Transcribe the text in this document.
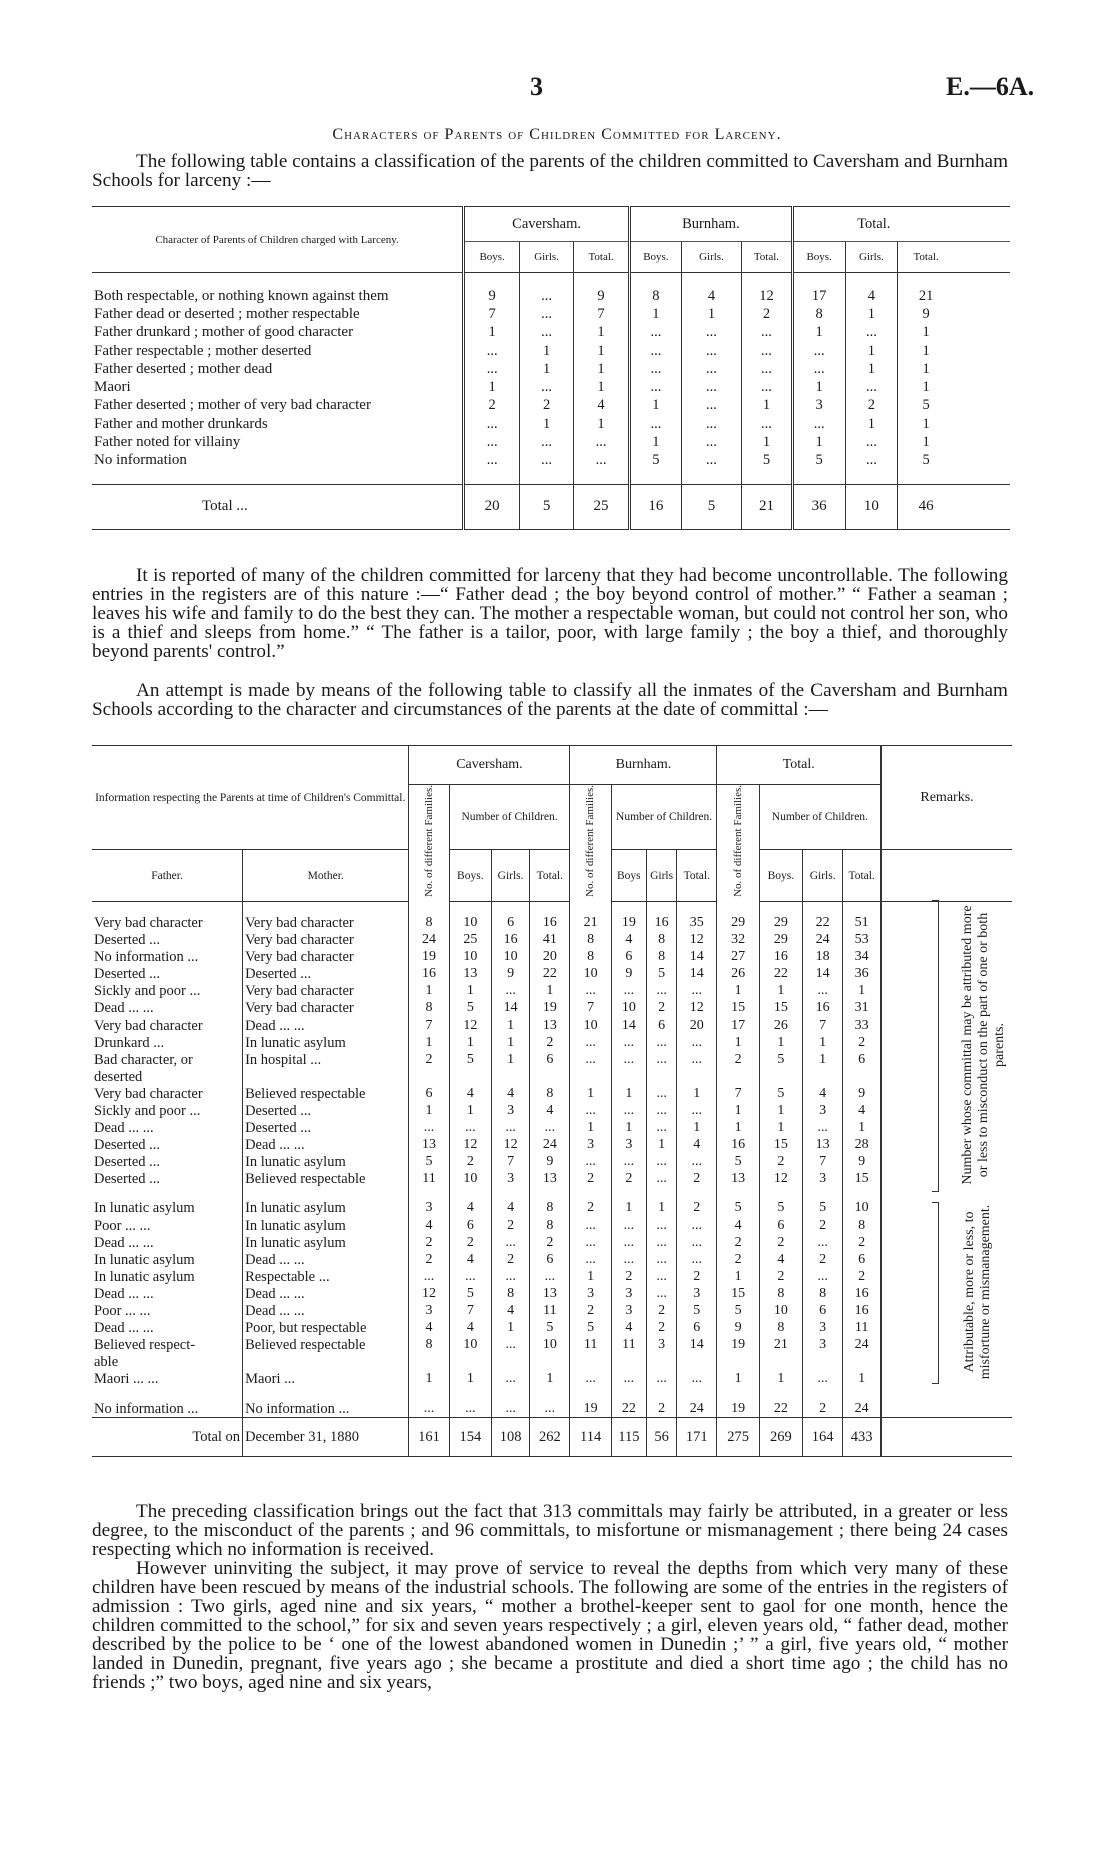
3	E.—6A.
Characters of Parents of Children Committed for Larceny.

The following table contains a classification of the parents of the children committed to Caversham and Burnham Schools for larceny :—

Character of Parents of Children charged with Larceny.	Caversham.			Burnham.			Total.			
	Boys.	Girls.	Total.	Boys.	Girls.	Total.	Boys.	Girls.	Total.	

Both respectable, or nothing known against them	9	...	9	8	4	12	17	4	21	
Father dead or deserted ; mother respectable	7	...	7	1	1	2	8	1	9	
Father drunkard ; mother of good character	1	...	1	...	...	...	1	...	1	
Father respectable ; mother deserted	...	1	1	...	...	...	...	1	1	
Father deserted ; mother dead	...	1	1	...	...	...	...	1	1	
Maori	1	...	1	...	...	...	1	...	1	
Father deserted ; mother of very bad character	2	2	4	1	...	1	3	2	5	
Father and mother drunkards	...	1	1	...	...	...	...	1	1	
Father noted for villainy	...	...	...	1	...	1	1	...	1	
No information	...	...	...	5	...	5	5	...	5	

Total ...	20	5	25	16	5	21	36	10	46	

It is reported of many of the children committed for larceny that they had become uncontrollable. The following entries in the registers are of this nature :—“ Father dead ; the boy beyond control of mother.” “ Father a seaman ; leaves his wife and family to do the best they can. The mother a respectable woman, but could not control her son, who is a thief and sleeps from home.” “ The father is a tailor, poor, with large family ; the boy a thief, and thoroughly beyond parents' control.”

An attempt is made by means of the following table to classify all the inmates of the Caversham and Burnham Schools according to the character and circumstances of the parents at the date of committal :—

Information respecting the Parents at time of Children's Committal.		Caversham.				Burnham.				Total.				Remarks.
		No. of different Families.	Number of Children.			No. of different Families.	Number of Children.			No. of different Families.	Number of Children.			
Father.	Mother.		Boys.	Girls.	Total.		Boys	Girls	Total.		Boys.	Girls.	Total.	

Very bad character	Very bad character	8	10	6	16	21	19	16	35	29	29	22	51	
Deserted ...	Very bad character	24	25	16	41	8	4	8	12	32	29	24	53	
No information ...	Very bad character	19	10	10	20	8	6	8	14	27	16	18	34	
Deserted ...	Deserted ...	16	13	9	22	10	9	5	14	26	22	14	36	
Sickly and poor ...	Very bad character	1	1	...	1	...	...	...	...	1	1	...	1	
Dead ... ...	Very bad character	8	5	14	19	7	10	2	12	15	15	16	31	
Very bad character	Dead ... ...	7	12	1	13	10	14	6	20	17	26	7	33	
Drunkard ...	In lunatic asylum	1	1	1	2	...	...	...	...	1	1	1	2	
Bad character, or	In hospital ...	2	5	1	6	...	...	...	...	2	5	1	6	
deserted														
Very bad character	Believed respectable	6	4	4	8	1	1	...	1	7	5	4	9	
Sickly and poor ...	Deserted ...	1	1	3	4	...	...	...	...	1	1	3	4	
Dead ... ...	Deserted ...	...	...	...	...	1	1	...	1	1	1	...	1	
Deserted ...	Dead ... ...	13	12	12	24	3	3	1	4	16	15	13	28	
Deserted ...	In lunatic asylum	5	2	7	9	...	...	...	...	5	2	7	9	
Deserted ...	Believed respectable	11	10	3	13	2	2	...	2	13	12	3	15	

In lunatic asylum	In lunatic asylum	3	4	4	8	2	1	1	2	5	5	5	10	
Poor ... ...	In lunatic asylum	4	6	2	8	...	...	...	...	4	6	2	8	
Dead ... ...	In lunatic asylum	2	2	...	2	...	...	...	...	2	2	...	2	
In lunatic asylum	Dead ... ...	2	4	2	6	...	...	...	...	2	4	2	6	
In lunatic asylum	Respectable ...	...	...	...	...	1	2	...	2	1	2	...	2	
Dead ... ...	Dead ... ...	12	5	8	13	3	3	...	3	15	8	8	16	
Poor ... ...	Dead ... ...	3	7	4	11	2	3	2	5	5	10	6	16	
Dead ... ...	Poor, but respectable	4	4	1	5	5	4	2	6	9	8	3	11	
Believed respect-	Believed respectable	8	10	...	10	11	11	3	14	19	21	3	24	
able														
Maori ... ...	Maori ...	1	1	...	1	...	...	...	...	1	1	...	1	

No information ...	No information ...	...	...	...	...	19	22	2	24	19	22	2	24	
Total on	December 31, 1880	161	154	108	262	114	115	56	171	275	269	164	433	
Number whose committal may be attributed more or less to misconduct on the part of one or both parents.
Attributable, more or less, to misfortune or mismanagement.

The preceding classification brings out the fact that 313 committals may fairly be attributed, in a greater or less degree, to the misconduct of the parents ; and 96 committals, to misfortune or mismanagement ; there being 24 cases respecting which no information is received.

However uninviting the subject, it may prove of service to reveal the depths from which very many of these children have been rescued by means of the industrial schools. The following are some of the entries in the registers of admission : Two girls, aged nine and six years, “ mother a brothel-keeper sent to gaol for one month, hence the children committed to the school,” for six and seven years respectively ; a girl, eleven years old, “ father dead, mother described by the police to be ‘ one of the lowest abandoned women in Dunedin ;’ ” a girl, five years old, “ mother landed in Dunedin, pregnant, five years ago ; she became a prostitute and died a short time ago ; the child has no friends ;” two boys, aged nine and six years,
